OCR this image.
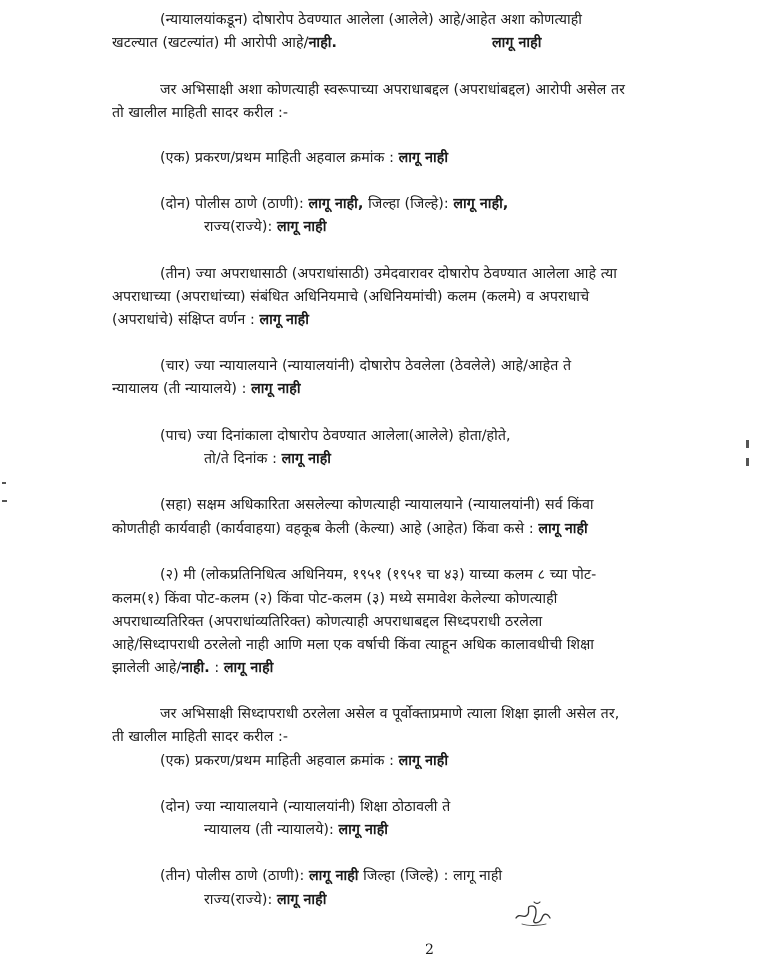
(न्यायालयांकडून) दोषारोप ठेवण्यात आलेला (आलेले) आहे/आहेत अशा कोणत्याही
खटल्यात (खटल्यांत) मी आरोपी आहे/नाही.	लागू नाही
जर अभिसाक्षी अशा कोणत्याही स्वरूपाच्या अपराधाबद्दल (अपराधांबद्दल) आरोपी असेल तर
तो खालील माहिती सादर करील :-
(एक) प्रकरण/प्रथम माहिती अहवाल क्रमांक : लागू नाही
(दोन) पोलीस ठाणे (ठाणी): लागू नाही, जिल्हा (जिल्हे): लागू नाही,
राज्य(राज्ये): लागू नाही
(तीन) ज्या अपराधासाठी (अपराधांसाठी) उमेदवारावर दोषारोप ठेवण्यात आलेला आहे त्या
अपराधाच्या (अपराधांच्या) संबंधित अधिनियमाचे (अधिनियमांची) कलम (कलमे) व अपराधाचे
(अपराधांचे) संक्षिप्त वर्णन : लागू नाही
(चार) ज्या न्यायालयाने (न्यायालयांनी) दोषारोप ठेवलेला (ठेवलेले) आहे/आहेत ते
न्यायालय (ती न्यायालये) : लागू नाही
(पाच) ज्या दिनांकाला दोषारोप ठेवण्यात आलेला(आलेले) होता/होते,
तो/ते दिनांक : लागू नाही
(सहा) सक्षम अधिकारिता असलेल्या कोणत्याही न्यायालयाने (न्यायालयांनी) सर्व किंवा
कोणतीही कार्यवाही (कार्यवाहया) वहकूब केली (केल्या) आहे (आहेत) किंवा कसे : लागू नाही
(२) मी (लोकप्रतिनिधित्व अधिनियम, १९५१ (१९५१ चा ४३) याच्या कलम ८ च्या पोट-
कलम(१) किंवा पोट-कलम (२) किंवा पोट-कलम (३) मध्ये समावेश केलेल्या कोणत्याही
अपराधाव्यतिरिक्त (अपराधांव्यतिरिक्त) कोणत्याही अपराधाबद्दल सिध्दपराधी ठरलेला
आहे/सिध्दापराधी ठरलेलो नाही आणि मला एक वर्षाची किंवा त्याहून अधिक कालावधीची शिक्षा
झालेली आहे/नाही. : लागू नाही
जर अभिसाक्षी सिध्दापराधी ठरलेला असेल व पूर्वोक्ताप्रमाणे त्याला शिक्षा झाली असेल तर,
ती खालील माहिती सादर करील :-
(एक) प्रकरण/प्रथम माहिती अहवाल क्रमांक : लागू नाही
(दोन) ज्या न्यायालयाने (न्यायालयांनी) शिक्षा ठोठावली ते
न्यायालय (ती न्यायालये): लागू नाही
(तीन) पोलीस ठाणे (ठाणी): लागू नाही जिल्हा (जिल्हे) : लागू नाही
राज्य(राज्ये): लागू नाही
2
